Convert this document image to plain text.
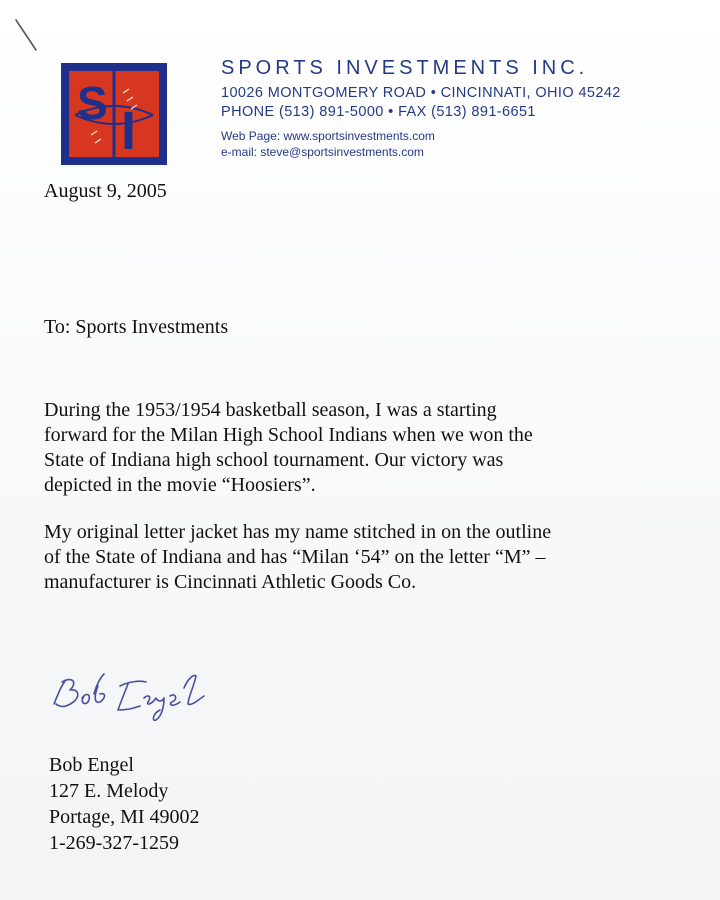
S I

SPORTS INVESTMENTS INC.

10026 MONTGOMERY ROAD • CINCINNATI, OHIO 45242

PHONE (513) 891-5000 • FAX (513) 891-6651

Web Page: www.sportsinvestments.com

e-mail: steve@sportsinvestments.com

August 9, 2005
To: Sports Investments

During the 1953/1954 basketball season, I was a starting
forward for the Milan High School Indians when we won the
State of Indiana high school tournament. Our victory was
depicted in the movie “Hoosiers”.

My original letter jacket has my name stitched in on the outline
of the State of Indiana and has “Milan ‘54” on the letter “M” –
manufacturer is Cincinnati Athletic Goods Co.

Bob Engel
127 E. Melody
Portage, MI 49002
1-269-327-1259
